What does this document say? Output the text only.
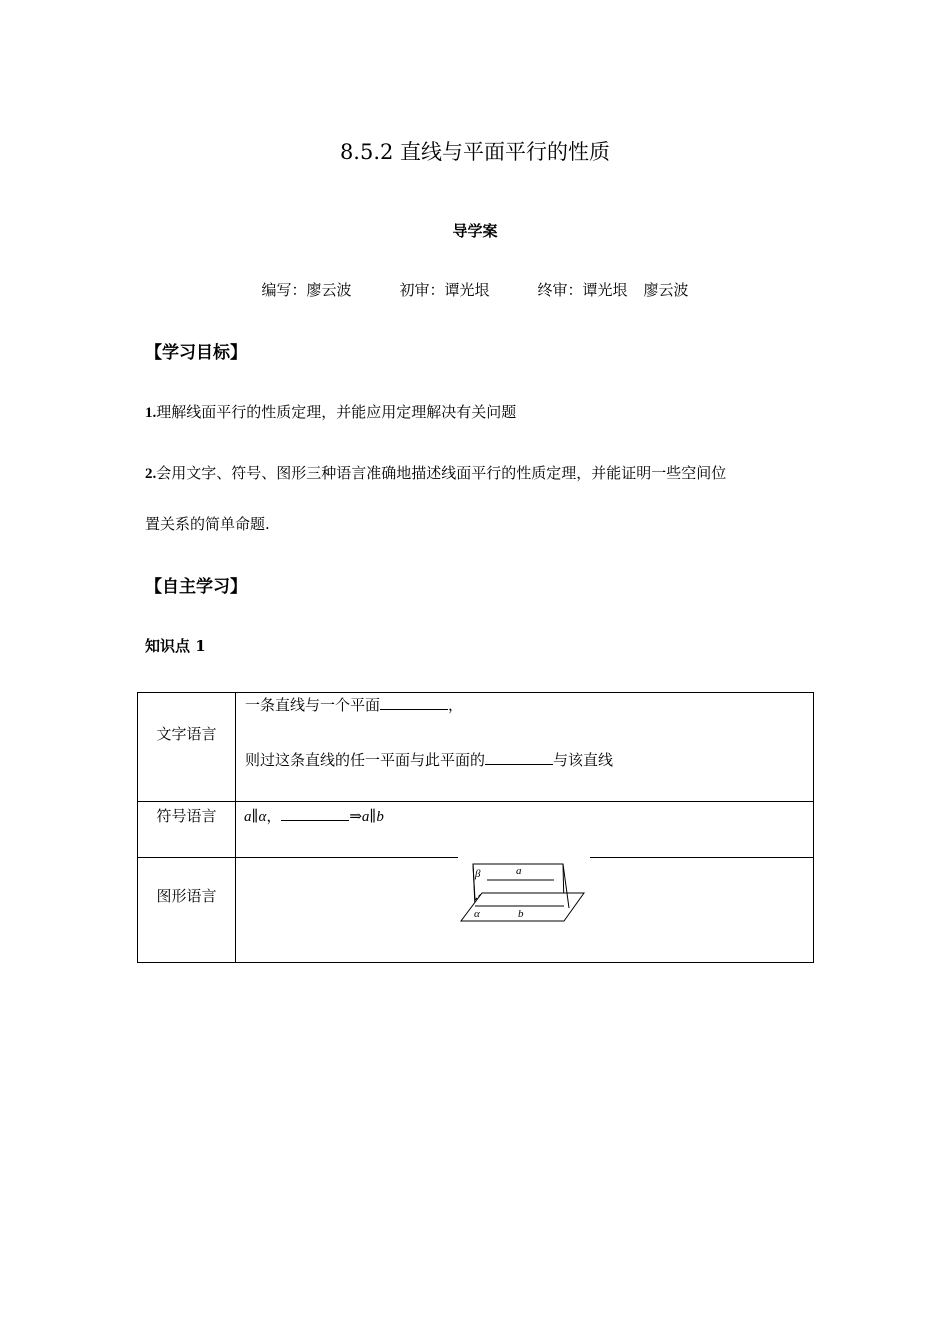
8.5.2 直线与平面平行的性质
导学案
编写：廖云波	初审：谭光垠	终审：谭光垠 廖云波
【学习目标】
1.理解线面平行的性质定理，并能应用定理解决有关问题
2.会用文字、符号、图形三种语言准确地描述线面平行的性质定理，并能证明一些空间位
置关系的简单命题.
【自主学习】
知识点 1
文字语言	一条直线与一个平面 ，
则过这条直线的任一平面与此平面的 与该直线

符号语言	a∥α， ⇒a∥b

图形语言	β a
α b
